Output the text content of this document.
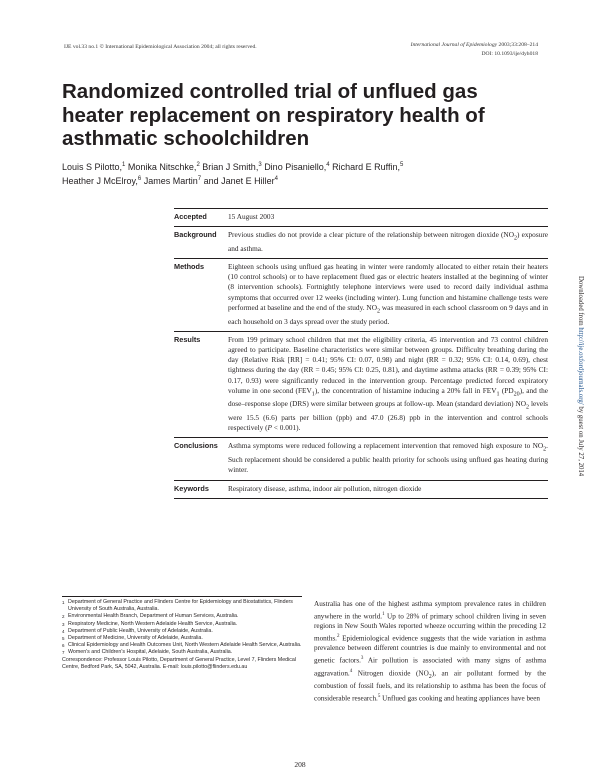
IJE vol.33 no.1 © International Epidemiological Association 2004; all rights reserved.	International Journal of Epidemiology 2003;33:208–214
DOI: 10.1093/ije/dyh018
Randomized controlled trial of unflued gas heater replacement on respiratory health of asthmatic schoolchildren
Louis S Pilotto,$^1$ Monika Nitschke,$^2$ Brian J Smith,$^3$ Dino Pisaniello,$^4$ Richard E Ruffin,$^5$
Heather J McElroy,$^6$ James Martin$^7$ and Janet E Hiller$^4$
Accepted	15 August 2003
Background	Previous studies do not provide a clear picture of the relationship between nitrogen dioxide $(NO_2)$ exposure and asthma.
Methods	Eighteen schools using unflued gas heating in winter were randomly allocated to either retain their heaters (10 control schools) or to have replacement flued gas or electric heaters installed at the beginning of winter (8 intervention schools). Fortnightly telephone interviews were used to record daily individual asthma symptoms that occurred over 12 weeks (including winter). Lung function and histamine challenge tests were performed at baseline and the end of the study. $NO_2$ was measured in each school classroom on 9 days and in each household on 3 days spread over the study period.
Results	From 199 primary school children that met the eligibility criteria, 45 intervention and 73 control children agreed to participate. Baseline characteristics were similar between groups. Difficulty breathing during the day (Relative Risk [RR] = 0.41; 95% CI: 0.07, 0.98) and night (RR = 0.32; 95% CI: 0.14, 0.69), chest tightness during the day (RR = 0.45; 95% CI: 0.25, 0.81), and daytime asthma attacks (RR = 0.39; 95% CI: 0.17, 0.93) were significantly reduced in the intervention group. Percentage predicted forced expiratory volume in one second $(FEV_1)$, the concentration of histamine inducing a 20% fall in $FEV_1$ $(PD_{20})$, and the dose–response slope (DRS) were similar between groups at follow-up. Mean (standard deviation) $NO_2$ levels were 15.5 (6.6) parts per billion (ppb) and 47.0 (26.8) ppb in the intervention and control schools respectively (P < 0.001).
Conclusions	Asthma symptoms were reduced following a replacement intervention that removed high exposure to $NO_2$. Such replacement should be considered a public health priority for schools using unflued gas heating during winter.
Keywords	Respiratory disease, asthma, indoor air pollution, nitrogen dioxide
Downloaded from http://ije.oxfordjournals.org/ by guest on July 27, 2014
1 Department of General Practice and Flinders Centre for Epidemiology and Biostatistics, Flinders University of South Australia, Australia.
2 Environmental Health Branch, Department of Human Services, Australia.
3 Respiratory Medicine, North Western Adelaide Health Service, Australia.
4 Department of Public Health, University of Adelaide, Australia.
5 Department of Medicine, University of Adelaide, Australia.
6 Clinical Epidemiology and Health Outcomes Unit, North Western Adelaide Health Service, Australia.
7 Women's and Children's Hospital, Adelaide, South Australia, Australia.
Correspondence: Professor Louis Pilotto, Department of General Practice, Level 7, Flinders Medical Centre, Bedford Park, SA, 5042, Australia. E-mail: louis.pilotto@flinders.edu.au
Australia has one of the highest asthma symptom prevalence rates in children anywhere in the world.$^1$ Up to 28% of primary school children living in seven regions in New South Wales reported wheeze occurring within the preceding 12 months.$^2$ Epidemiological evidence suggests that the wide variation in asthma prevalence between different countries is due mainly to environmental and not genetic factors.$^3$ Air pollution is associated with many signs of asthma aggravation.$^4$ Nitrogen dioxide $(NO_2)$, an air pollutant formed by the combustion of fossil fuels, and its relationship to asthma has been the focus of considerable research.$^5$ Unflued gas cooking and heating appliances have been
208
